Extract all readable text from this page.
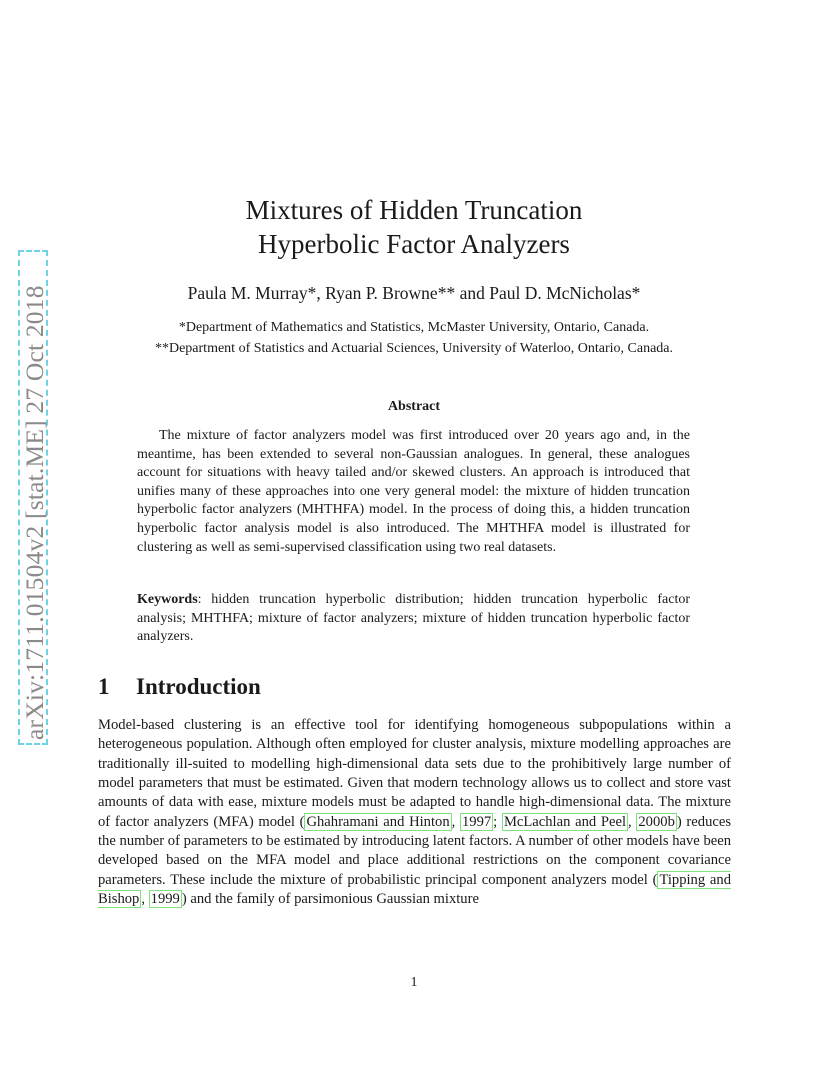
arXiv:1711.01504v2 [stat.ME] 27 Oct 2018
Mixtures of Hidden Truncation
Hyperbolic Factor Analyzers
Paula M. Murray*, Ryan P. Browne** and Paul D. McNicholas*
*Department of Mathematics and Statistics, McMaster University, Ontario, Canada.
**Department of Statistics and Actuarial Sciences, University of Waterloo, Ontario, Canada.
Abstract

The mixture of factor analyzers model was first introduced over 20 years ago and, in the meantime, has been extended to several non-Gaussian analogues. In general, these analogues account for situations with heavy tailed and/or skewed clusters. An approach is introduced that unifies many of these approaches into one very general model: the mixture of hidden truncation hyperbolic factor analyzers (MHTHFA) model. In the process of doing this, a hidden truncation hyperbolic factor analysis model is also introduced. The MHTHFA model is illustrated for clustering as well as semi-supervised classification using two real datasets.

Keywords: hidden truncation hyperbolic distribution; hidden truncation hyperbolic factor analysis; MHTHFA; mixture of factor analyzers; mixture of hidden truncation hyperbolic factor analyzers.

1 Introduction

Model-based clustering is an effective tool for identifying homogeneous subpopulations within a heterogeneous population. Although often employed for cluster analysis, mixture modelling approaches are traditionally ill-suited to modelling high-dimensional data sets due to the prohibitively large number of model parameters that must be estimated. Given that modern technology allows us to collect and store vast amounts of data with ease, mixture models must be adapted to handle high-dimensional data. The mixture of factor analyzers (MFA) model ( Ghahramani and Hinton , 1997 ; McLachlan and Peel , 2000b ) reduces the number of parameters to be estimated by introducing latent factors. A number of other models have been developed based on the MFA model and place additional restrictions on the component covariance parameters. These include the mixture of probabilistic principal component analyzers model ( Tipping and Bishop , 1999 ) and the family of parsimonious Gaussian mixture

1
